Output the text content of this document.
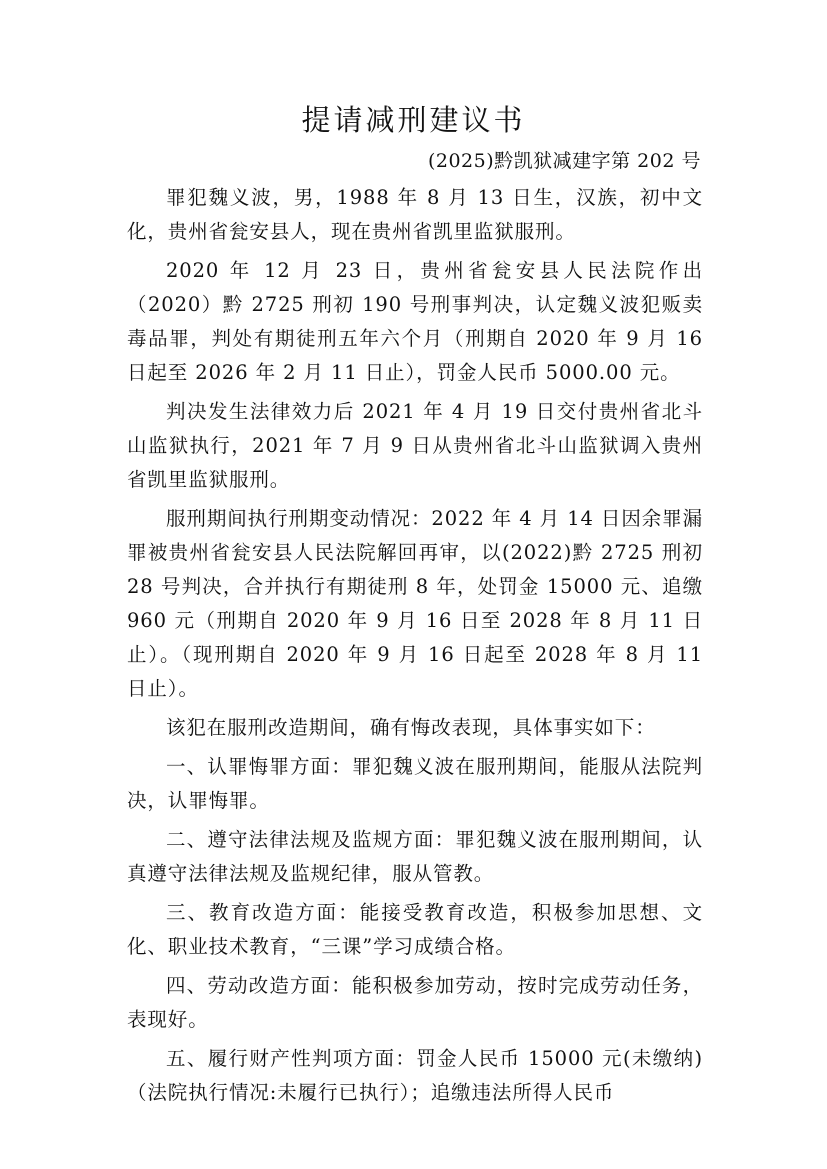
提请减刑建议书
(2025)黔凯狱减建字第 202 号

罪犯魏义波，男，1988 年 8 月 13 日生，汉族，初中文化，贵州省瓮安县人，现在贵州省凯里监狱服刑。

2020 年 12 月 23 日，贵州省瓮安县人民法院作出（2020）黔 2725 刑初 190 号刑事判决，认定魏义波犯贩卖毒品罪，判处有期徒刑五年六个月（刑期自 2020 年 9 月 16 日起至 2026 年 2 月 11 日止），罚金人民币 5000.00 元。

判决发生法律效力后 2021 年 4 月 19 日交付贵州省北斗山监狱执行，2021 年 7 月 9 日从贵州省北斗山监狱调入贵州省凯里监狱服刑。

服刑期间执行刑期变动情况：2022 年 4 月 14 日因余罪漏罪被贵州省瓮安县人民法院解回再审，以(2022)黔 2725 刑初 28 号判决，合并执行有期徒刑 8 年，处罚金 15000 元、追缴 960 元（刑期自 2020 年 9 月 16 日至 2028 年 8 月 11 日止）。（现刑期自 2020 年 9 月 16 日起至 2028 年 8 月 11 日止）。

该犯在服刑改造期间，确有悔改表现，具体事实如下：

一、认罪悔罪方面：罪犯魏义波在服刑期间，能服从法院判决，认罪悔罪。

二、遵守法律法规及监规方面：罪犯魏义波在服刑期间，认真遵守法律法规及监规纪律，服从管教。

三、教育改造方面：能接受教育改造，积极参加思想、文化、职业技术教育，“三课”学习成绩合格。

四、劳动改造方面：能积极参加劳动，按时完成劳动任务，表现好。

五、履行财产性判项方面：罚金人民币 15000 元(未缴纳)（法院执行情况:未履行已执行）；追缴违法所得人民币
